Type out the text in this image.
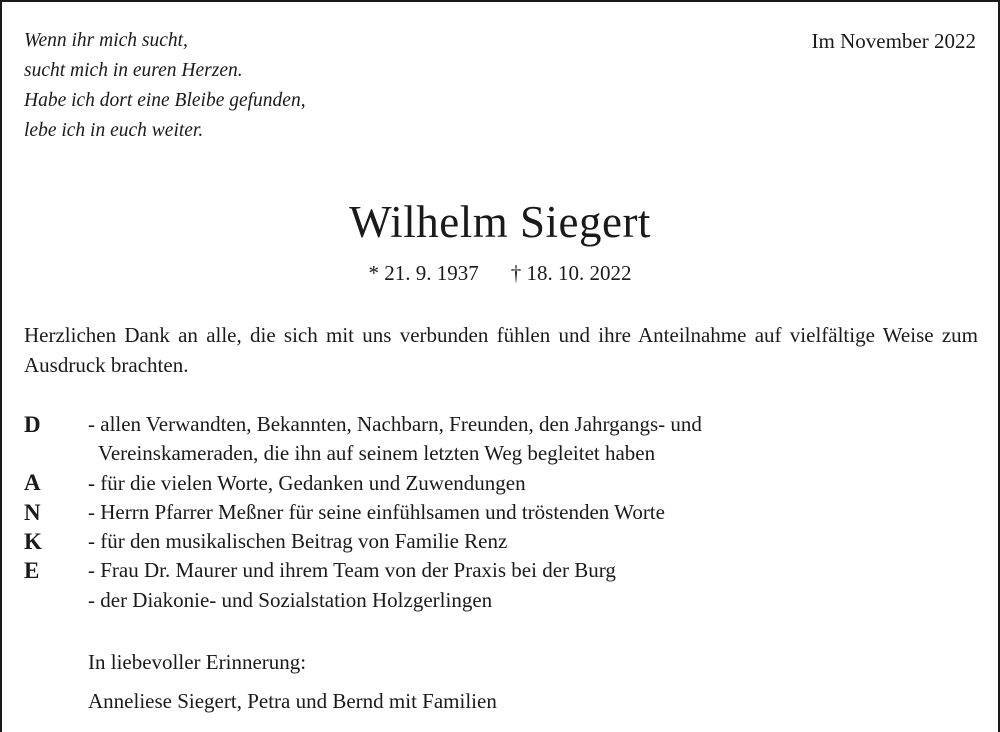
Wenn ihr mich sucht,
sucht mich in euren Herzen.
Habe ich dort eine Bleibe gefunden,
lebe ich in euch weiter.
Im November 2022
Wilhelm Siegert
* 21. 9. 1937 † 18. 10. 2022
Herzlichen Dank an alle, die sich mit uns verbunden fühlen und ihre Anteilnahme auf vielfältige Weise zum Ausdruck brachten.
D
A
N
K
E
- allen Verwandten, Bekannten, Nachbarn, Freunden, den Jahrgangs- und
Vereinskameraden, die ihn auf seinem letzten Weg begleitet haben
- für die vielen Worte, Gedanken und Zuwendungen
- Herrn Pfarrer Meßner für seine einfühlsamen und tröstenden Worte
- für den musikalischen Beitrag von Familie Renz
- Frau Dr. Maurer und ihrem Team von der Praxis bei der Burg
- der Diakonie- und Sozialstation Holzgerlingen
In liebevoller Erinnerung:
Anneliese Siegert, Petra und Bernd mit Familien
